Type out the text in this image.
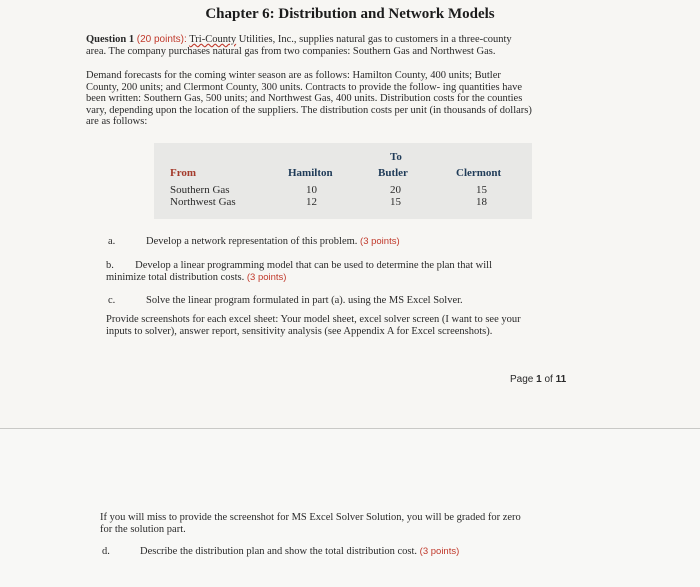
Chapter 6: Distribution and Network Models
Question 1 (20 points): Tri-County Utilities, Inc., supplies natural gas to customers in a three-county
area. The company purchases natural gas from two companies: Southern Gas and Northwest Gas.
Demand forecasts for the coming winter season are as follows: Hamilton County, 400 units; Butler
County, 200 units; and Clermont County, 300 units. Contracts to provide the follow- ing quantities have
been written: Southern Gas, 500 units; and Northwest Gas, 400 units. Distribution costs for the counties
vary, depending upon the location of the suppliers. The distribution costs per unit (in thousands of dollars)
are as follows:
To
From	Hamilton	Butler	Clermont
Southern Gas	10	20	15
Northwest Gas	12	15	18
a.	Develop a network representation of this problem. (3 points)
b. Develop a linear programming model that can be used to determine the plan that will
minimize total distribution costs. (3 points)
c.	Solve the linear program formulated in part (a). using the MS Excel Solver.
Provide screenshots for each excel sheet: Your model sheet, excel solver screen (I want to see your
inputs to solver), answer report, sensitivity analysis (see Appendix A for Excel screenshots).
Page 1 of 11
If you will miss to provide the screenshot for MS Excel Solver Solution, you will be graded for zero
for the solution part.
d.	Describe the distribution plan and show the total distribution cost. (3 points)
